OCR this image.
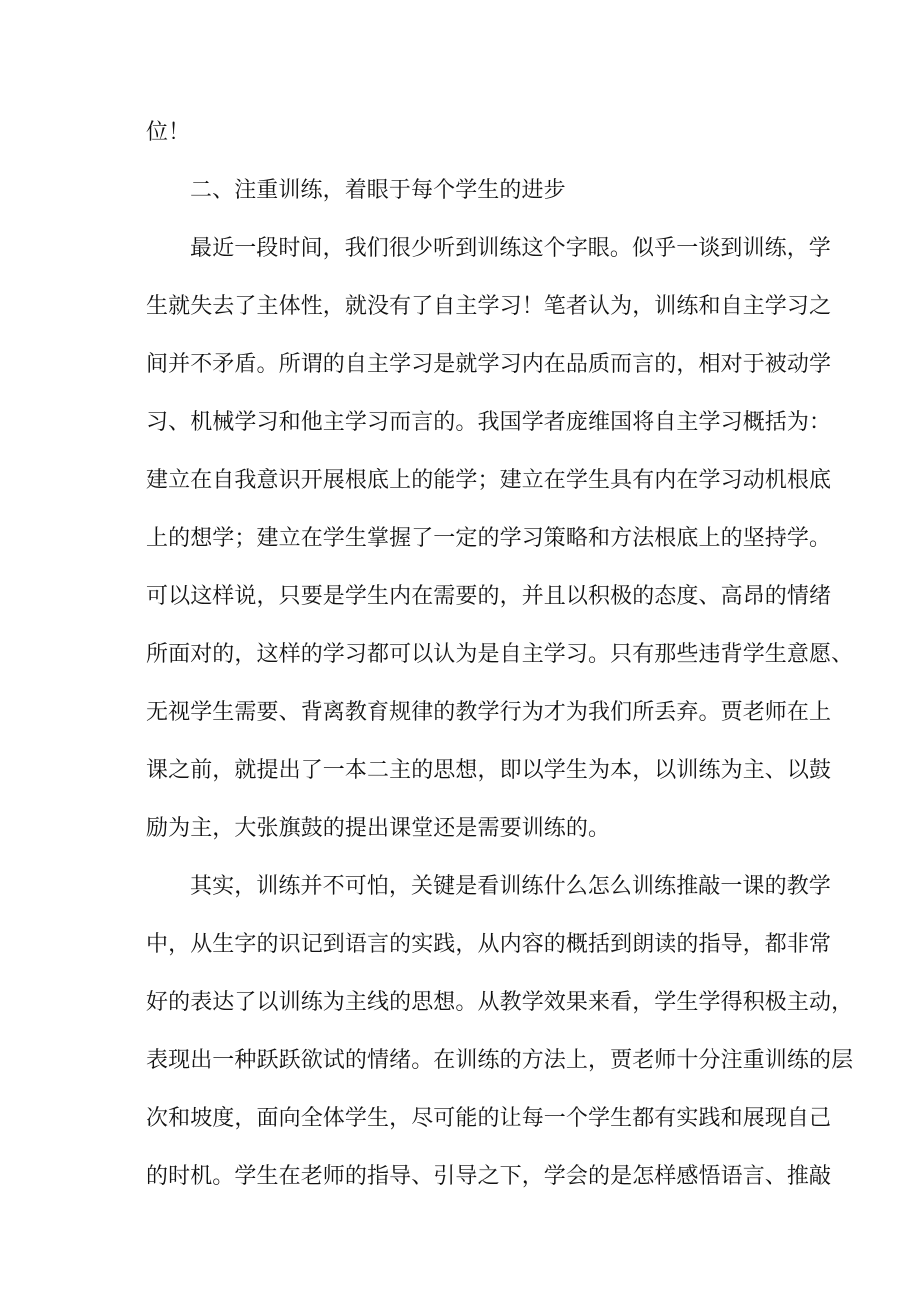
位！
二、注重训练，着眼于每个学生的进步
最近一段时间，我们很少听到训练这个字眼。似乎一谈到训练，学
生就失去了主体性，就没有了自主学习！笔者认为，训练和自主学习之
间并不矛盾。所谓的自主学习是就学习内在品质而言的，相对于被动学
习、机械学习和他主学习而言的。我国学者庞维国将自主学习概括为：
建立在自我意识开展根底上的能学；建立在学生具有内在学习动机根底
上的想学；建立在学生掌握了一定的学习策略和方法根底上的坚持学。
可以这样说，只要是学生内在需要的，并且以积极的态度、高昂的情绪
所面对的，这样的学习都可以认为是自主学习。只有那些违背学生意愿、
无视学生需要、背离教育规律的教学行为才为我们所丢弃。贾老师在上
课之前，就提出了一本二主的思想，即以学生为本，以训练为主、以鼓
励为主，大张旗鼓的提出课堂还是需要训练的。
其实，训练并不可怕，关键是看训练什么怎么训练推敲一课的教学
中，从生字的识记到语言的实践，从内容的概括到朗读的指导，都非常
好的表达了以训练为主线的思想。从教学效果来看，学生学得积极主动，
表现出一种跃跃欲试的情绪。在训练的方法上，贾老师十分注重训练的层
次和坡度，面向全体学生，尽可能的让每一个学生都有实践和展现自己
的时机。学生在老师的指导、引导之下，学会的是怎样感悟语言、推敲
